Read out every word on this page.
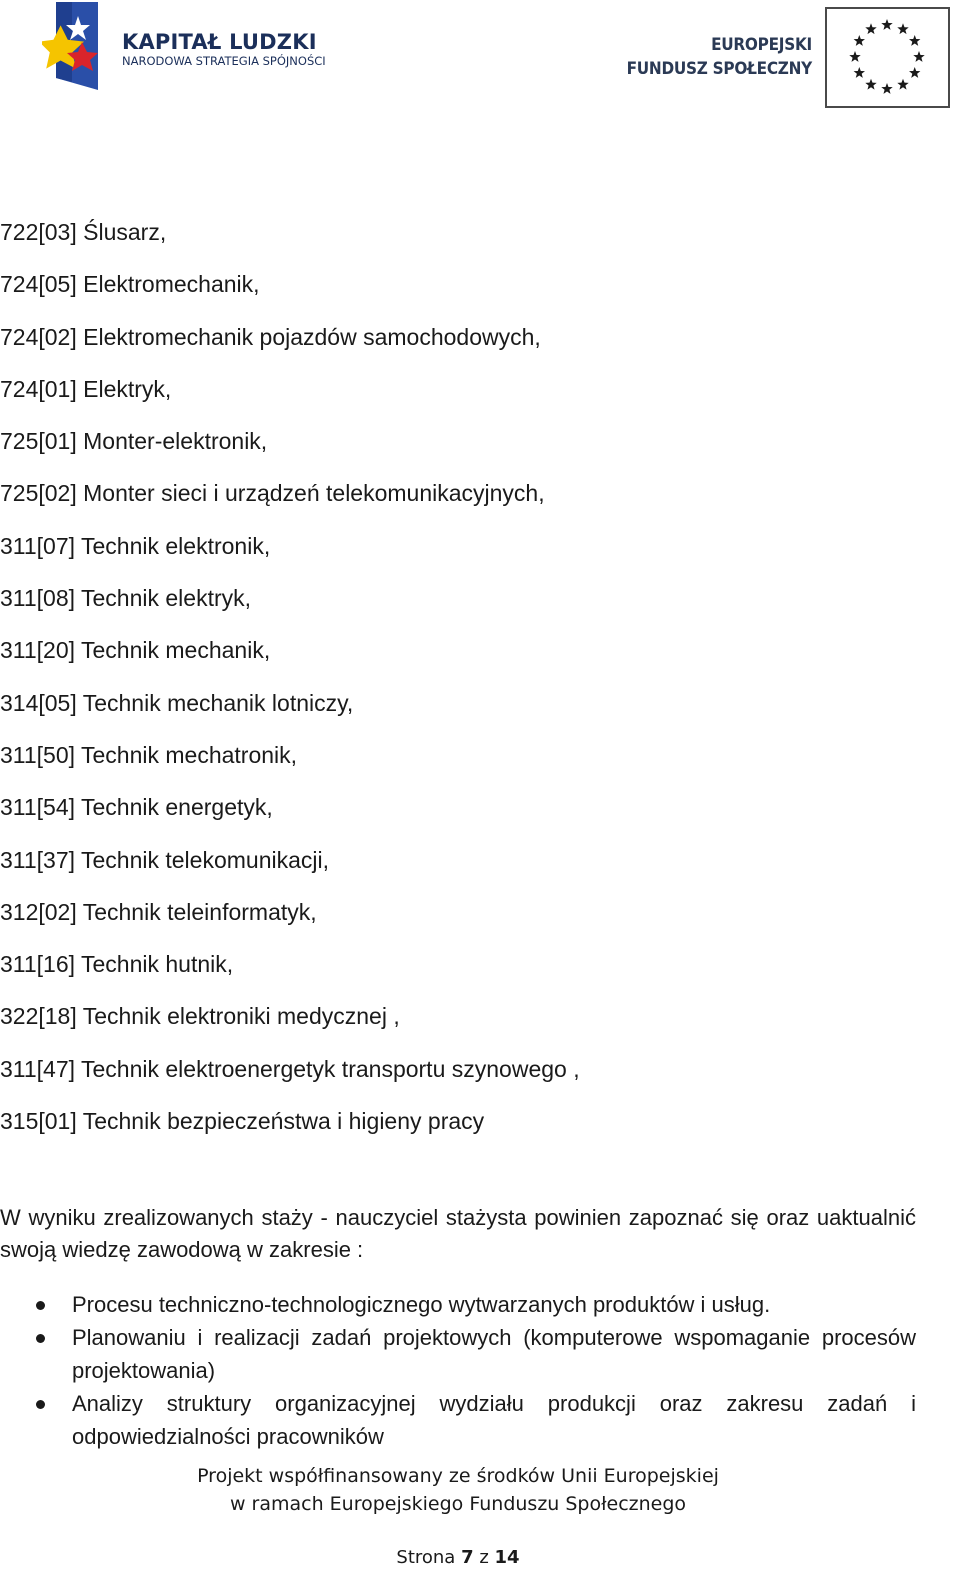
KAPITAŁ LUDZKI
NARODOWA STRATEGIA SPÓJNOŚCI
EUROPEJSKI
FUNDUSZ SPOŁECZNY
722[03] Ślusarz,
724[05] Elektromechanik,
724[02] Elektromechanik pojazdów samochodowych,
724[01] Elektryk,
725[01] Monter-elektronik,
725[02] Monter sieci i urządzeń telekomunikacyjnych,
311[07] Technik elektronik,
311[08] Technik elektryk,
311[20] Technik mechanik,
314[05] Technik mechanik lotniczy,
311[50] Technik mechatronik,
311[54] Technik energetyk,
311[37] Technik telekomunikacji,
312[02] Technik teleinformatyk,
311[16] Technik hutnik,
322[18] Technik elektroniki medycznej ,
311[47] Technik elektroenergetyk transportu szynowego ,
315[01] Technik bezpieczeństwa i higieny pracy

W wyniku zrealizowanych staży - nauczyciel stażysta powinien zapoznać się oraz uaktualnić swoją wiedzę zawodową w zakresie :

Procesu techniczno-technologicznego wytwarzanych produktów i usług.
Planowaniu i realizacji zadań projektowych (komputerowe wspomaganie procesów projektowania)
Analizy struktury organizacyjnej wydziału produkcji oraz zakresu zadań i odpowiedzialności pracowników
Projekt współfinansowany ze środków Unii Europejskiej
w ramach Europejskiego Funduszu Społecznego
Strona 7 z 14
